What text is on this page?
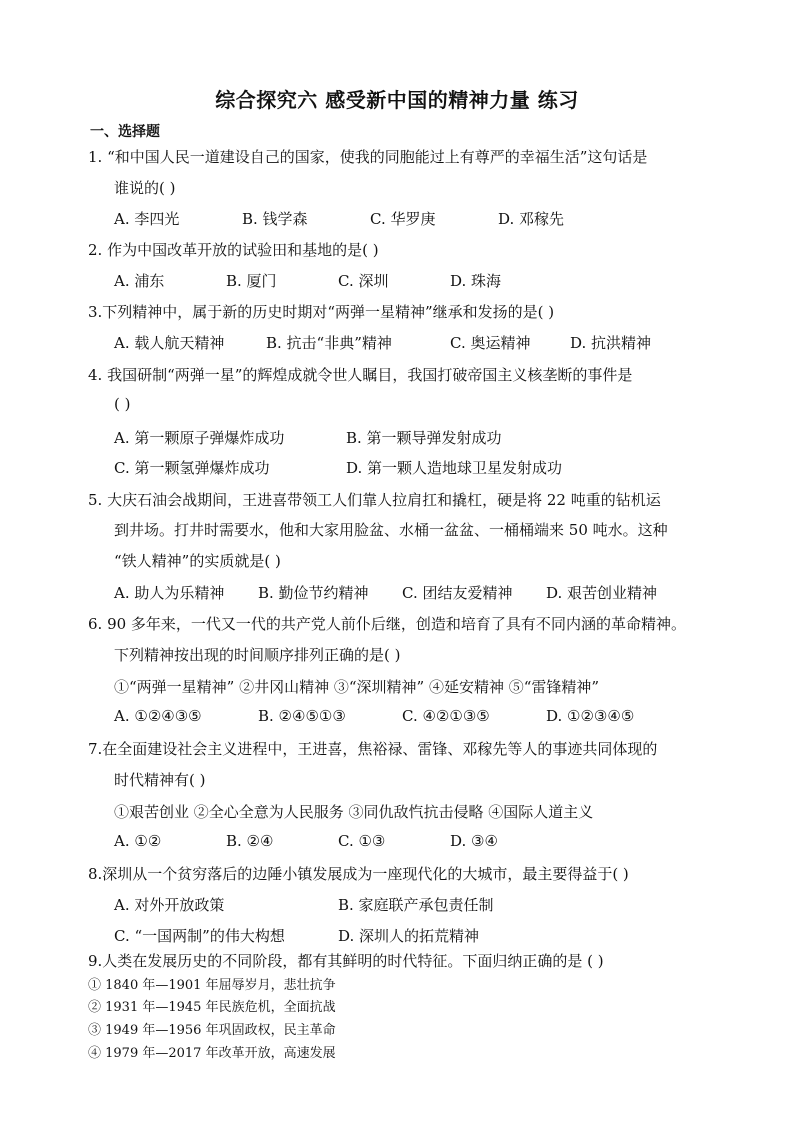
综合探究六 感受新中国的精神力量 练习
一、选择题
1. “和中国人民一道建设自己的国家，使我的同胞能过上有尊严的幸福生活”这句话是
谁说的( )
A. 李四光	B. 钱学森	C. 华罗庚	D. 邓稼先
2. 作为中国改革开放的试验田和基地的是( )
A. 浦东	B. 厦门	C. 深圳	D. 珠海
3.下列精神中，属于新的历史时期对“两弹一星精神”继承和发扬的是( )
A. 载人航天精神	B. 抗击“非典”精神	C. 奥运精神	D. 抗洪精神
4. 我国研制“两弹一星”的辉煌成就令世人瞩目，我国打破帝国主义核垄断的事件是
( )
A. 第一颗原子弹爆炸成功	B. 第一颗导弹发射成功
C. 第一颗氢弹爆炸成功	D. 第一颗人造地球卫星发射成功
5. 大庆石油会战期间，王进喜带领工人们靠人拉肩扛和撬杠，硬是将 22 吨重的钻机运
到井场。打井时需要水，他和大家用脸盆、水桶一盆盆、一桶桶端来 50 吨水。这种
“铁人精神”的实质就是( )
A. 助人为乐精神 B. 勤俭节约精神 C. 团结友爱精神 D. 艰苦创业精神
6. 90 多年来，一代又一代的共产党人前仆后继，创造和培育了具有不同内涵的革命精神。
下列精神按出现的时间顺序排列正确的是( )
①“两弹一星精神” ②井冈山精神 ③“深圳精神” ④延安精神 ⑤“雷锋精神”
A. ①②④③⑤	B. ②④⑤①③	C. ④②①③⑤	D. ①②③④⑤
7.在全面建设社会主义进程中，王进喜，焦裕禄、雷锋、邓稼先等人的事迹共同体现的
时代精神有( )
①艰苦创业 ②全心全意为人民服务 ③同仇敌忾抗击侵略 ④国际人道主义
A. ①②	B. ②④	C. ①③	D. ③④
8.深圳从一个贫穷落后的边陲小镇发展成为一座现代化的大城市，最主要得益于( )
A. 对外开放政策	B. 家庭联产承包责任制
C. “一国两制”的伟大构想	D. 深圳人的拓荒精神
9.人类在发展历史的不同阶段，都有其鲜明的时代特征。下面归纳正确的是 ( )
① 1840 年—1901 年屈辱岁月，悲壮抗争
② 1931 年—1945 年民族危机，全面抗战
③ 1949 年—1956 年巩固政权，民主革命
④ 1979 年—2017 年改革开放，高速发展
